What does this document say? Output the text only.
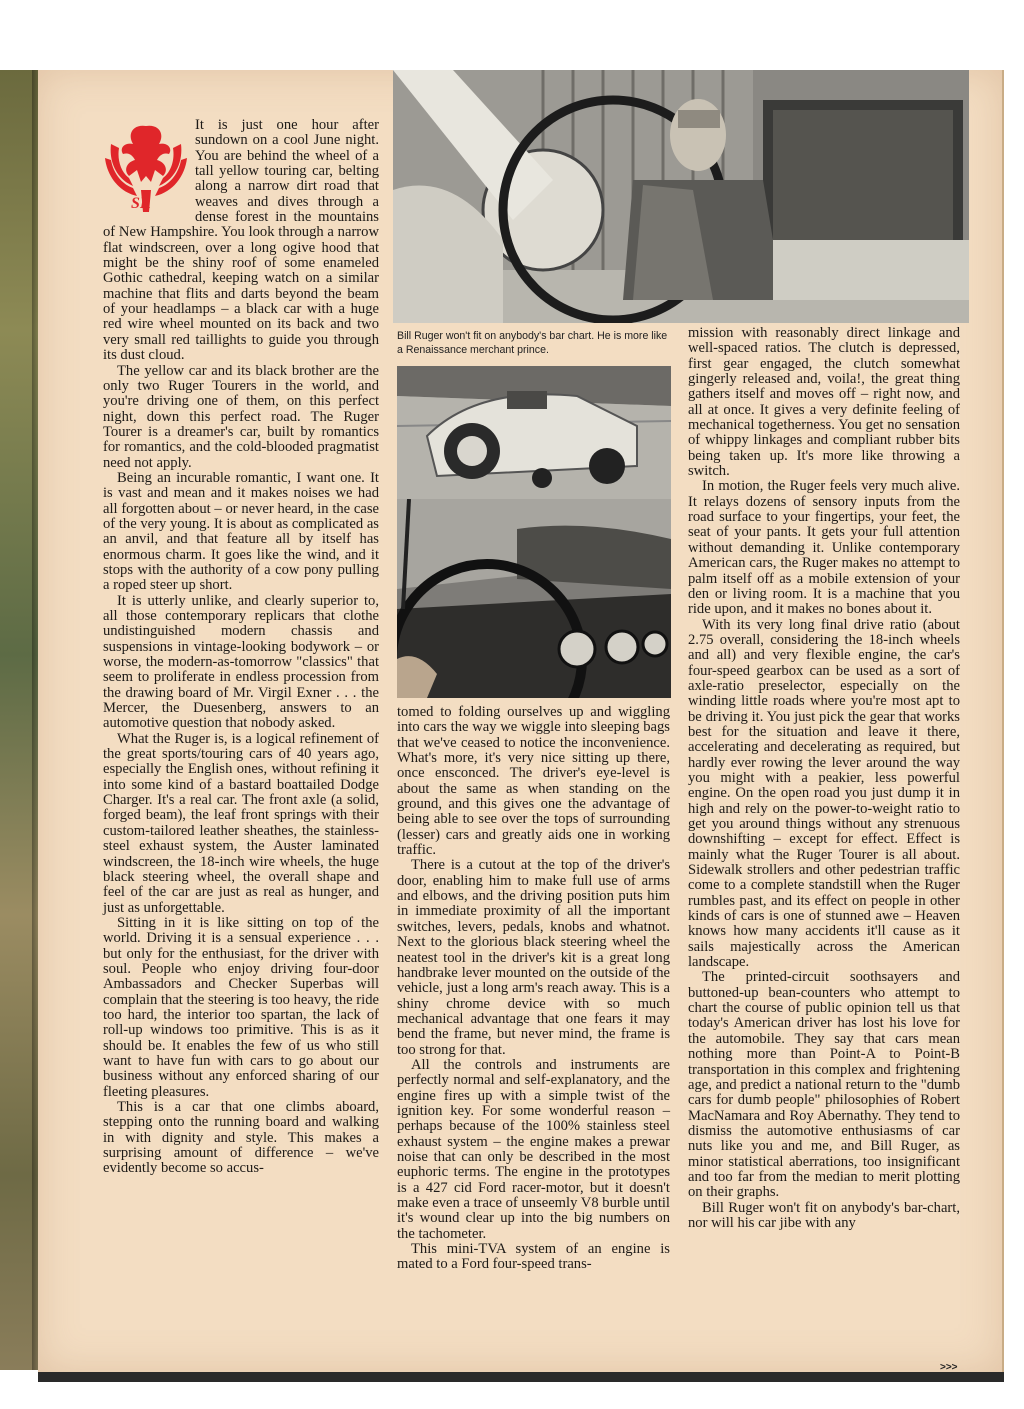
Bill Ruger won't fit on anybody's bar chart. He is more like a Renaissance merchant prince.
SR

It is just one hour after sundown on a cool June night. You are behind the wheel of a tall yellow touring car, belting along a narrow dirt road that weaves and dives through a dense forest in the mountains of New Hampshire. You look through a narrow flat windscreen, over a long ogive hood that might be the shiny roof of some enameled Gothic cathedral, keeping watch on a similar machine that flits and darts beyond the beam of your headlamps – a black car with a huge red wire wheel mounted on its back and two very small red taillights to guide you through its dust cloud.

The yellow car and its black brother are the only two Ruger Tourers in the world, and you're driving one of them, on this perfect night, down this perfect road. The Ruger Tourer is a dreamer's car, built by romantics for romantics, and the cold-blooded pragmatist need not apply.

Being an incurable romantic, I want one. It is vast and mean and it makes noises we had all forgotten about – or never heard, in the case of the very young. It is about as complicated as an anvil, and that feature all by itself has enormous charm. It goes like the wind, and it stops with the authority of a cow pony pulling a roped steer up short.

It is utterly unlike, and clearly superior to, all those contemporary replicars that clothe undistinguished modern chassis and suspensions in vintage-looking bodywork – or worse, the modern-as-tomorrow "classics" that seem to proliferate in endless procession from the drawing board of Mr. Virgil Exner . . . the Mercer, the Duesenberg, answers to an automotive question that nobody asked.

What the Ruger is, is a logical refinement of the great sports/touring cars of 40 years ago, especially the English ones, without refining it into some kind of a bastard boattailed Dodge Charger. It's a real car. The front axle (a solid, forged beam), the leaf front springs with their custom-tailored leather sheathes, the stainless-steel exhaust system, the Auster laminated windscreen, the 18-inch wire wheels, the huge black steering wheel, the overall shape and feel of the car are just as real as hunger, and just as unforgettable.

Sitting in it is like sitting on top of the world. Driving it is a sensual experience . . . but only for the enthusiast, for the driver with soul. People who enjoy driving four-door Ambassadors and Checker Superbas will complain that the steering is too heavy, the ride too hard, the interior too spartan, the lack of roll-up windows too primitive. This is as it should be. It enables the few of us who still want to have fun with cars to go about our business without any enforced sharing of our fleeting pleasures.

This is a car that one climbs aboard, stepping onto the running board and walking in with dignity and style. This makes a surprising amount of difference – we've evidently become so accus-

tomed to folding ourselves up and wiggling into cars the way we wiggle into sleeping bags that we've ceased to notice the inconvenience. What's more, it's very nice sitting up there, once ensconced. The driver's eye-level is about the same as when standing on the ground, and this gives one the advantage of being able to see over the tops of surrounding (lesser) cars and greatly aids one in working traffic.

There is a cutout at the top of the driver's door, enabling him to make full use of arms and elbows, and the driving position puts him in immediate proximity of all the important switches, levers, pedals, knobs and whatnot. Next to the glorious black steering wheel the neatest tool in the driver's kit is a great long handbrake lever mounted on the outside of the vehicle, just a long arm's reach away. This is a shiny chrome device with so much mechanical advantage that one fears it may bend the frame, but never mind, the frame is too strong for that.

All the controls and instruments are perfectly normal and self-explanatory, and the engine fires up with a simple twist of the ignition key. For some wonderful reason – perhaps because of the 100% stainless steel exhaust system – the engine makes a prewar noise that can only be described in the most euphoric terms. The engine in the prototypes is a 427 cid Ford racer-motor, but it doesn't make even a trace of unseemly V8 burble until it's wound clear up into the big numbers on the tachometer.

This mini-TVA system of an engine is mated to a Ford four-speed trans-

mission with reasonably direct linkage and well-spaced ratios. The clutch is depressed, first gear engaged, the clutch somewhat gingerly released and, voila!, the great thing gathers itself and moves off – right now, and all at once. It gives a very definite feeling of mechanical togetherness. You get no sensation of whippy linkages and compliant rubber bits being taken up. It's more like throwing a switch.

In motion, the Ruger feels very much alive. It relays dozens of sensory inputs from the road surface to your fingertips, your feet, the seat of your pants. It gets your full attention without demanding it. Unlike contemporary American cars, the Ruger makes no attempt to palm itself off as a mobile extension of your den or living room. It is a machine that you ride upon, and it makes no bones about it.

With its very long final drive ratio (about 2.75 overall, considering the 18-inch wheels and all) and very flexible engine, the car's four-speed gearbox can be used as a sort of axle-ratio preselector, especially on the winding little roads where you're most apt to be driving it. You just pick the gear that works best for the situation and leave it there, accelerating and decelerating as required, but hardly ever rowing the lever around the way you might with a peakier, less powerful engine. On the open road you just dump it in high and rely on the power-to-weight ratio to get you around things without any strenuous downshifting – except for effect. Effect is mainly what the Ruger Tourer is all about. Sidewalk strollers and other pedestrian traffic come to a complete standstill when the Ruger rumbles past, and its effect on people in other kinds of cars is one of stunned awe – Heaven knows how many accidents it'll cause as it sails majestically across the American landscape.

The printed-circuit soothsayers and buttoned-up bean-counters who attempt to chart the course of public opinion tell us that today's American driver has lost his love for the automobile. They say that cars mean nothing more than Point-A to Point-B transportation in this complex and frightening age, and predict a national return to the "dumb cars for dumb people" philosophies of Robert MacNamara and Roy Abernathy. They tend to dismiss the automotive enthusiasms of car nuts like you and me, and Bill Ruger, as minor statistical aberrations, too insignificant and too far from the median to merit plotting on their graphs.

Bill Ruger won't fit on anybody's bar-chart, nor will his car jibe with any

>>>
